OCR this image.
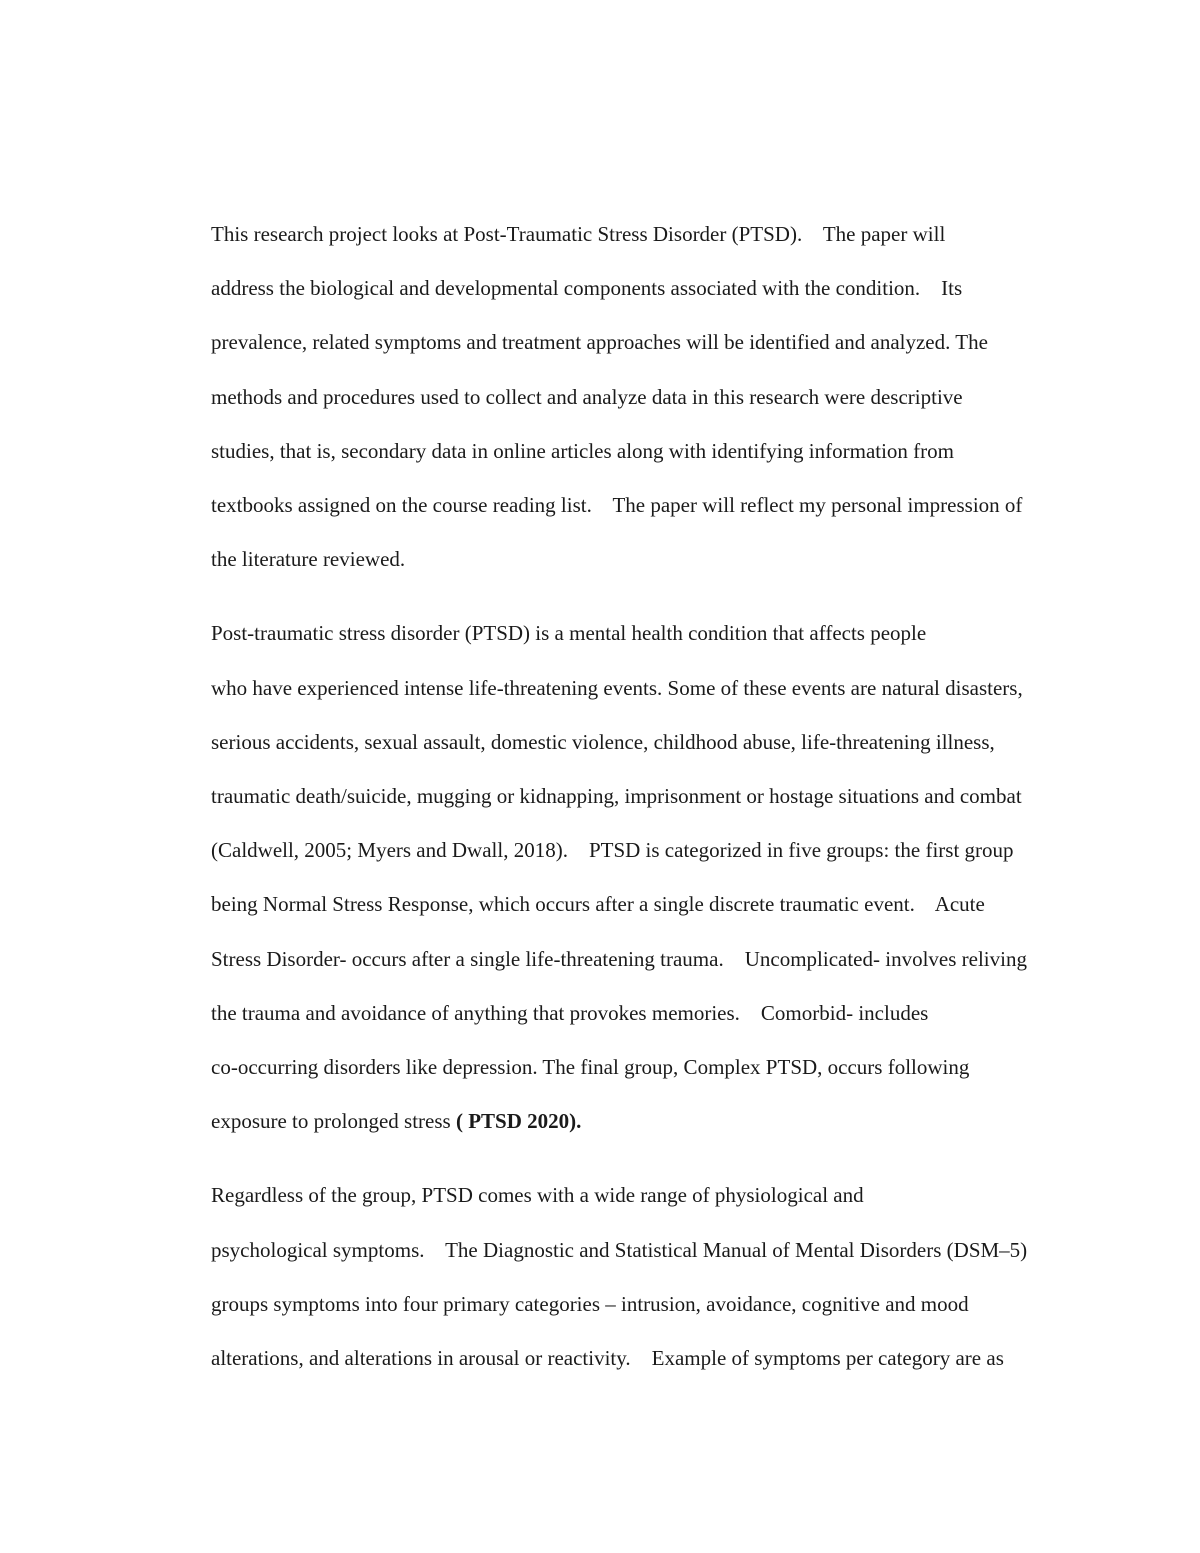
This research project looks at Post-Traumatic Stress Disorder (PTSD).    The paper will
address the biological and developmental components associated with the condition.    Its
prevalence, related symptoms and treatment approaches will be identified and analyzed. The
methods and procedures used to collect and analyze data in this research were descriptive
studies, that is, secondary data in online articles along with identifying information from
textbooks assigned on the course reading list.    The paper will reflect my personal impression of
the literature reviewed.

Post-traumatic stress disorder (PTSD) is a mental health condition that affects people
who have experienced intense life-threatening events. Some of these events are natural disasters,
serious accidents, sexual assault, domestic violence, childhood abuse, life-threatening illness,
traumatic death/suicide, mugging or kidnapping, imprisonment or hostage situations and combat
(Caldwell, 2005; Myers and Dwall, 2018).    PTSD is categorized in five groups: the first group
being Normal Stress Response, which occurs after a single discrete traumatic event.    Acute
Stress Disorder- occurs after a single life-threatening trauma.    Uncomplicated- involves reliving
the trauma and avoidance of anything that provokes memories.    Comorbid- includes
co-occurring disorders like depression. The final group, Complex PTSD, occurs following
exposure to prolonged stress ( PTSD 2020).

Regardless of the group, PTSD comes with a wide range of physiological and
psychological symptoms.    The Diagnostic and Statistical Manual of Mental Disorders (DSM–5)
groups symptoms into four primary categories – intrusion, avoidance, cognitive and mood
alterations, and alterations in arousal or reactivity.    Example of symptoms per category are as
